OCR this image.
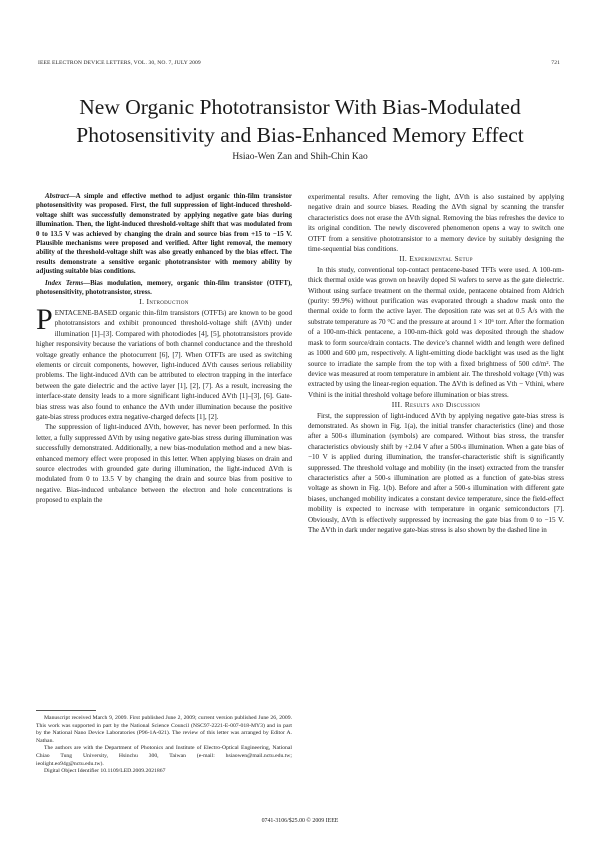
IEEE ELECTRON DEVICE LETTERS, VOL. 30, NO. 7, JULY 2009	721
New Organic Phototransistor With Bias-Modulated
Photosensitivity and Bias-Enhanced Memory Effect
Hsiao-Wen Zan and Shih-Chin Kao

Abstract—A simple and effective method to adjust organic thin-film transistor photosensitivity was proposed. First, the full suppression of light-induced threshold-voltage shift was successfully demonstrated by applying negative gate bias during illumination. Then, the light-induced threshold-voltage shift that was modulated from 0 to 13.5 V was achieved by changing the drain and source bias from +15 to −15 V. Plausible mechanisms were proposed and verified. After light removal, the memory ability of the threshold-voltage shift was also greatly enhanced by the bias effect. The results demonstrate a sensitive organic phototransistor with memory ability by adjusting suitable bias conditions.

Index Terms—Bias modulation, memory, organic thin-film transistor (OTFT), photosensitivity, phototransistor, stress.

I. Introduction

PENTACENE-BASED organic thin-film transistors (OTFTs) are known to be good phototransistors and exhibit pronounced threshold-voltage shift (ΔVth) under illumination [1]–[3]. Compared with photodiodes [4], [5], phototransistors provide higher responsivity because the variations of both channel conductance and the threshold voltage greatly enhance the photocurrent [6], [7]. When OTFTs are used as switching elements or circuit components, however, light-induced ΔVth causes serious reliability problems. The light-induced ΔVth can be attributed to electron trapping in the interface between the gate dielectric and the active layer [1], [2], [7]. As a result, increasing the interface-state density leads to a more significant light-induced ΔVth [1]–[3], [6]. Gate-bias stress was also found to enhance the ΔVth under illumination because the positive gate-bias stress produces extra negative-charged defects [1], [2].

The suppression of light-induced ΔVth, however, has never been performed. In this letter, a fully suppressed ΔVth by using negative gate-bias stress during illumination was successfully demonstrated. Additionally, a new bias-modulation method and a new bias-enhanced memory effect were proposed in this letter. When applying biases on drain and source electrodes with grounded gate during illumination, the light-induced ΔVth is modulated from 0 to 13.5 V by changing the drain and source bias from positive to negative. Bias-induced unbalance between the electron and hole concentrations is proposed to explain the

Manuscript received March 9, 2009. First published June 2, 2009; current version published June 26, 2009. This work was supported in part by the National Science Council (NSC97-2221-E-007-018-MY3) and in part by the National Nano Device Laboratories (P96-1A-021). The review of this letter was arranged by Editor A. Nathan.

The authors are with the Department of Photonics and Institute of Electro-Optical Engineering, National Chiao Tung University, Hsinchu 300, Taiwan (e-mail: hsiaowen@mail.nctu.edu.tw; ieolight.eo94g@nctu.edu.tw).

Digital Object Identifier 10.1109/LED.2009.2021867

experimental results. After removing the light, ΔVth is also sustained by applying negative drain and source biases. Reading the ΔVth signal by scanning the transfer characteristics does not erase the ΔVth signal. Removing the bias refreshes the device to its original condition. The newly discovered phenomenon opens a way to switch one OTFT from a sensitive phototransistor to a memory device by suitably designing the time-sequential bias conditions.

II. Experimental Setup

In this study, conventional top-contact pentacene-based TFTs were used. A 100-nm-thick thermal oxide was grown on heavily doped Si wafers to serve as the gate dielectric. Without using surface treatment on the thermal oxide, pentacene obtained from Aldrich (purity: 99.9%) without purification was evaporated through a shadow mask onto the thermal oxide to form the active layer. The deposition rate was set at 0.5 Å/s with the substrate temperature as 70 °C and the pressure at around 1 × 10⁶ torr. After the formation of a 100-nm-thick pentacene, a 100-nm-thick gold was deposited through the shadow mask to form source/drain contacts. The device’s channel width and length were defined as 1000 and 600 μm, respectively. A light-emitting diode backlight was used as the light source to irradiate the sample from the top with a fixed brightness of 500 cd/m². The device was measured at room temperature in ambient air. The threshold voltage (Vth) was extracted by using the linear-region equation. The ΔVth is defined as Vth − Vthini, where Vthini is the initial threshold voltage before illumination or bias stress.

III. Results and Discussion

First, the suppression of light-induced ΔVth by applying negative gate-bias stress is demonstrated. As shown in Fig. 1(a), the initial transfer characteristics (line) and those after a 500-s illumination (symbols) are compared. Without bias stress, the transfer characteristics obviously shift by +2.04 V after a 500-s illumination. When a gate bias of −10 V is applied during illumination, the transfer-characteristic shift is significantly suppressed. The threshold voltage and mobility (in the inset) extracted from the transfer characteristics after a 500-s illumination are plotted as a function of gate-bias stress voltage as shown in Fig. 1(b). Before and after a 500-s illumination with different gate biases, unchanged mobility indicates a constant device temperature, since the field-effect mobility is expected to increase with temperature in organic semiconductors [7]. Obviously, ΔVth is effectively suppressed by increasing the gate bias from 0 to −15 V. The ΔVth in dark under negative gate-bias stress is also shown by the dashed line in

0741-3106/$25.00 © 2009 IEEE
